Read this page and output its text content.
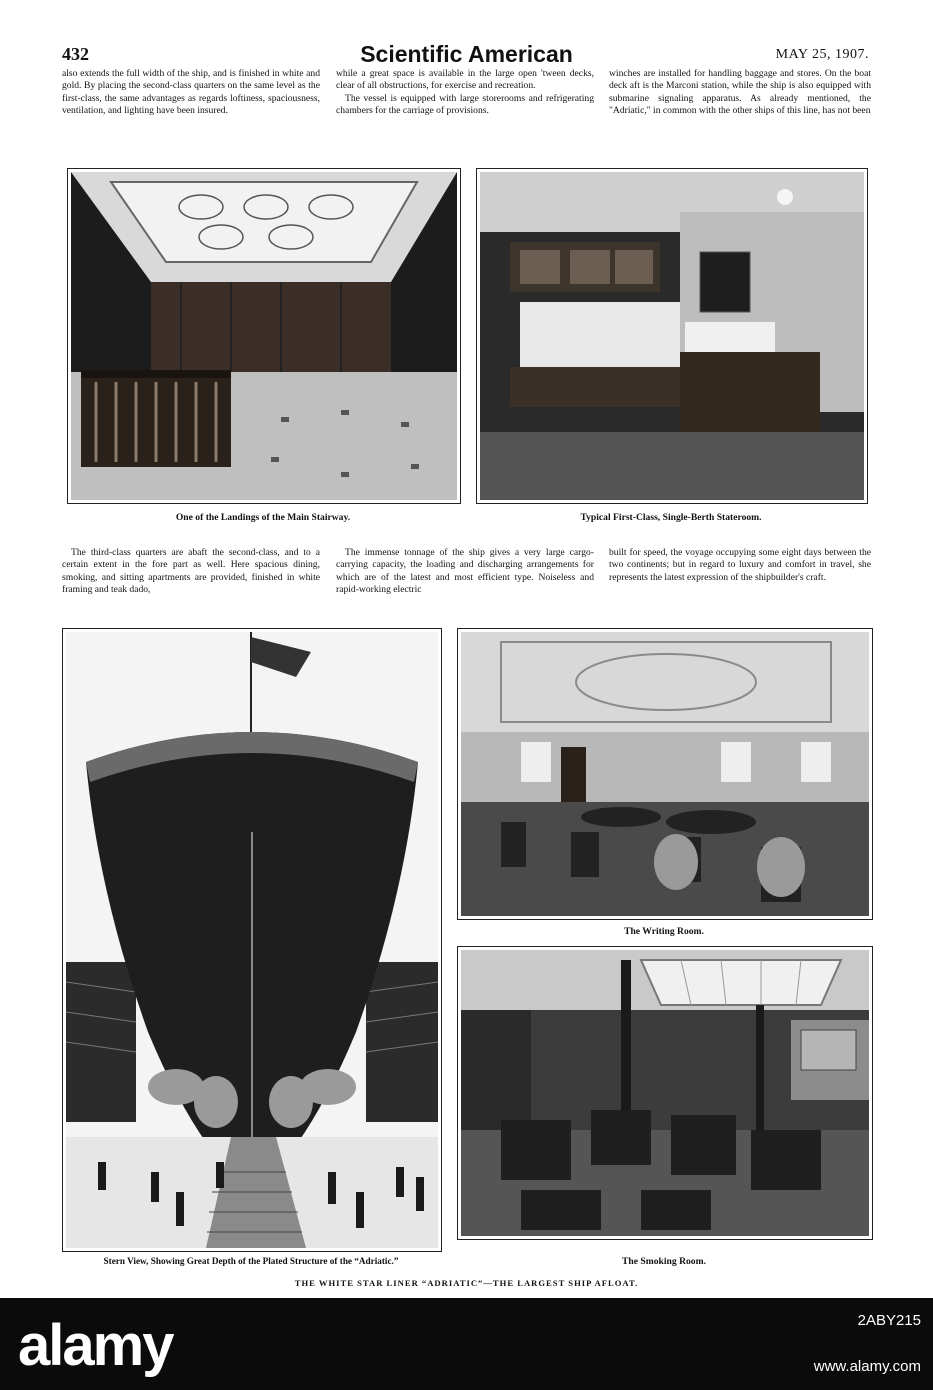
432	Scientific American	MAY 25, 1907.

also extends the full width of the ship, and is finished in white and gold. By placing the second-class quarters on the same level as the first-class, the same advantages as regards loftiness, spaciousness, ventilation, and lighting have been insured.

while a great space is available in the large open 'tween decks, clear of all obstructions, for exercise and recreation.

The vessel is equipped with large storerooms and refrigerating chambers for the carriage of provisions.

winches are installed for handling baggage and stores. On the boat deck aft is the Marconi station, while the ship is also equipped with submarine signaling apparatus. As already mentioned, the "Adriatic," in common with the other ships of this line, has not been

One of the Landings of the Main Stairway.	Typical First-Class, Single-Berth Stateroom.

The third-class quarters are abaft the second-class, and to a certain extent in the fore part as well. Here spacious dining, smoking, and sitting apartments are provided, finished in white framing and teak dado,

The immense tonnage of the ship gives a very large cargo-carrying capacity, the loading and discharging arrangements for which are of the latest and most efficient type. Noiseless and rapid-working electric

built for speed, the voyage occupying some eight days between the two continents; but in regard to luxury and comfort in travel, she represents the latest expression of the shipbuilder's craft.

The Writing Room.
Stern View, Showing Great Depth of the Plated Structure of the “Adriatic.”	The Smoking Room.
THE WHITE STAR LINER “ADRIATIC”—THE LARGEST SHIP AFLOAT.
alamy	2ABY215
www.alamy.com
